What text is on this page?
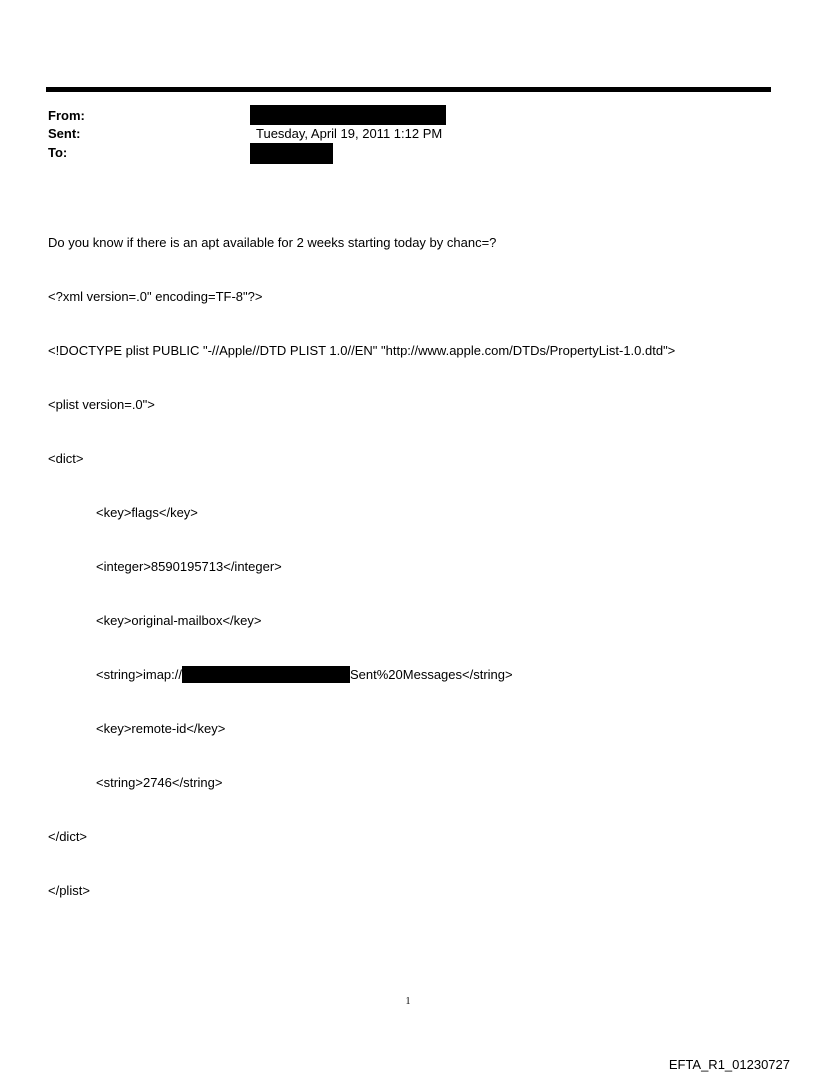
From:
Sent:	Tuesday, April 19, 2011 1:12 PM
To:

Do you know if there is an apt available for 2 weeks starting today by chanc=?

<?xml version=.0" encoding=TF-8"?>

<!DOCTYPE plist PUBLIC "-//Apple//DTD PLIST 1.0//EN" "http://www.apple.com/DTDs/PropertyList-1.0.dtd">

<plist version=.0">

<dict>

<key>flags</key>

<integer>8590195713</integer>

<key>original-mailbox</key>

<string>imap://	Sent%20Messages</string>

<key>remote-id</key>

<string>2746</string>

</dict>

</plist>

1
EFTA_R1_01230727
